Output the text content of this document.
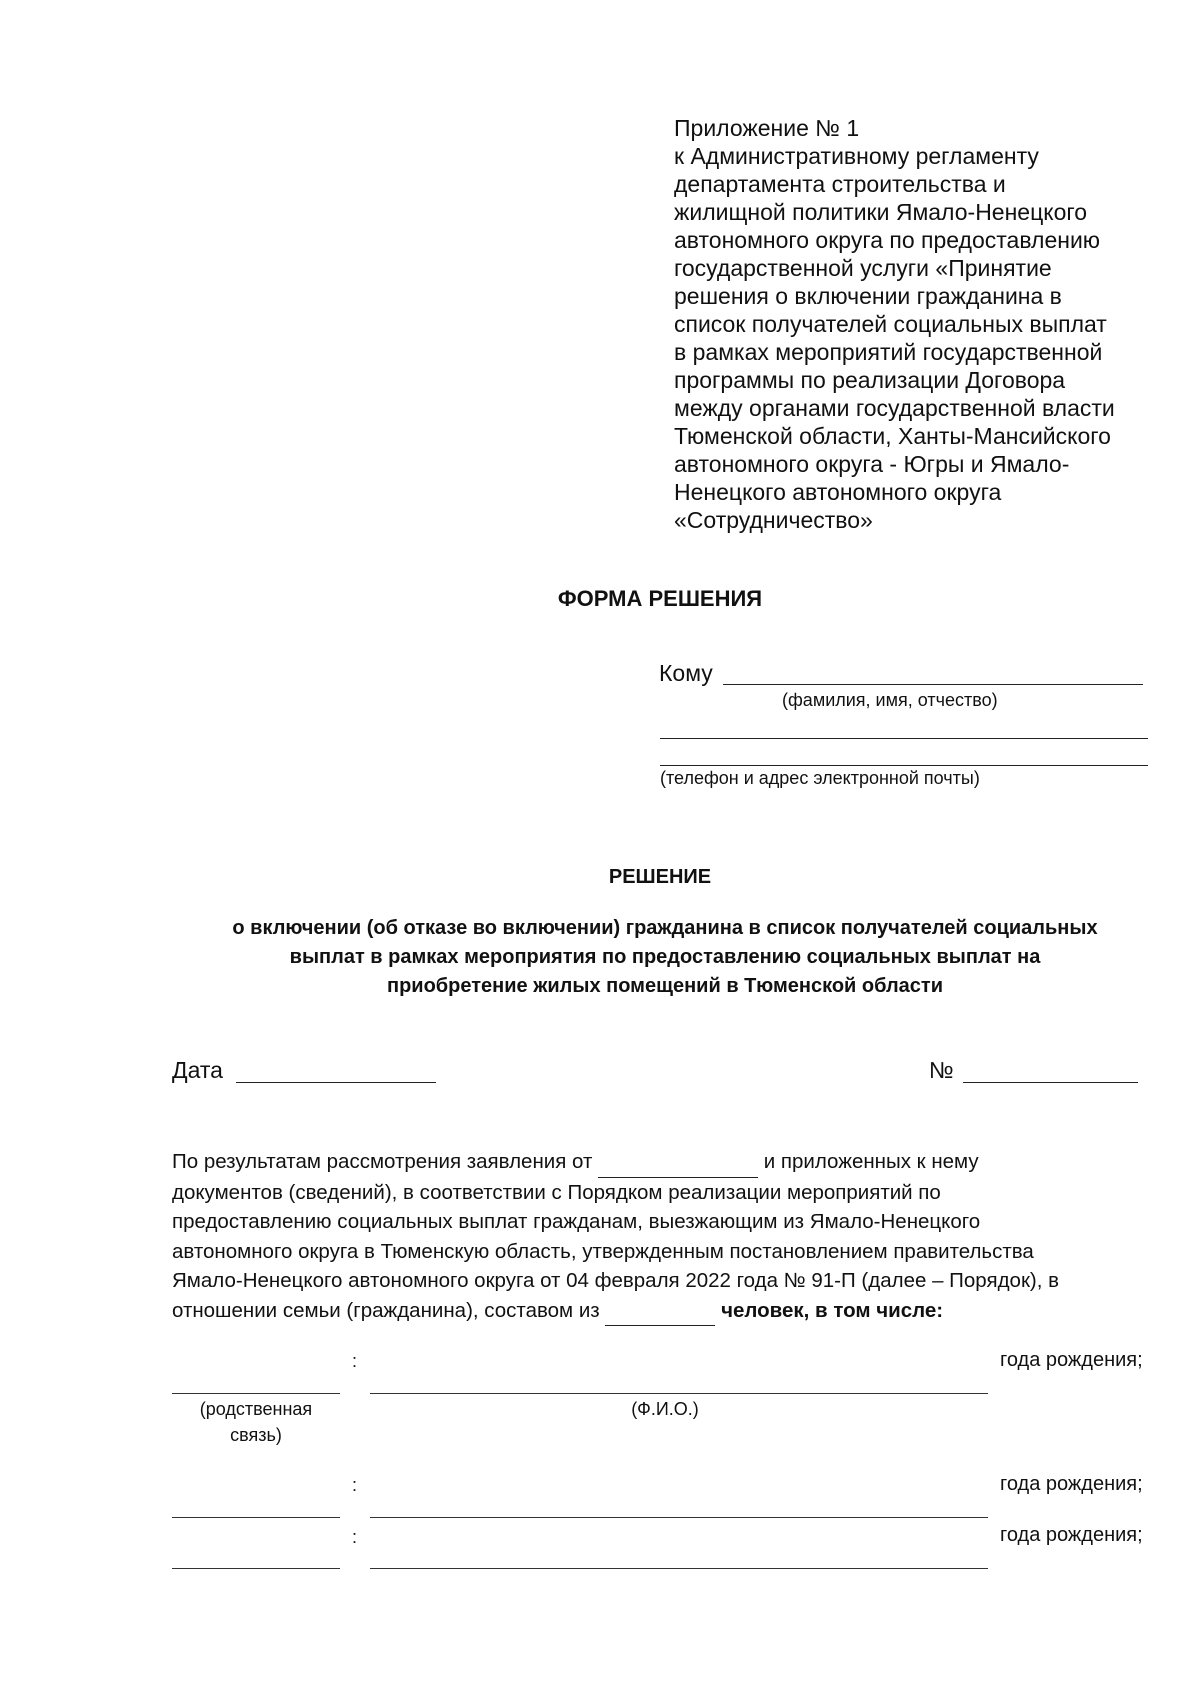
Приложение № 1
к Административному регламенту
департамента строительства и
жилищной политики Ямало-Ненецкого
автономного округа по предоставлению
государственной услуги «Принятие
решения о включении гражданина в
список получателей социальных выплат
в рамках мероприятий государственной
программы по реализации Договора
между органами государственной власти
Тюменской области, Ханты-Мансийского
автономного округа - Югры и Ямало-
Ненецкого автономного округа
«Сотрудничество»
ФОРМА РЕШЕНИЯ
Кому
(фамилия, имя, отчество)
(телефон и адрес электронной почты)
РЕШЕНИЕ
о включении (об отказе во включении) гражданина в список получателей социальных
выплат в рамках мероприятия по предоставлению социальных выплат на
приобретение жилых помещений в Тюменской области
Дата	№
По результатам рассмотрения заявления от	и приложенных к нему
документов (сведений), в соответствии с Порядком реализации мероприятий по
предоставлению социальных выплат гражданам, выезжающим из Ямало-Ненецкого
автономного округа в Тюменскую область, утвержденным постановлением правительства
Ямало-Ненецкого автономного округа от 04 февраля 2022 года № 91-П (далее – Порядок), в
отношении семьи (гражданина), составом из	человек, в том числе:
:	года рождения;
(родственная
связь)
(Ф.И.О.)
:	года рождения;
:	года рождения;
